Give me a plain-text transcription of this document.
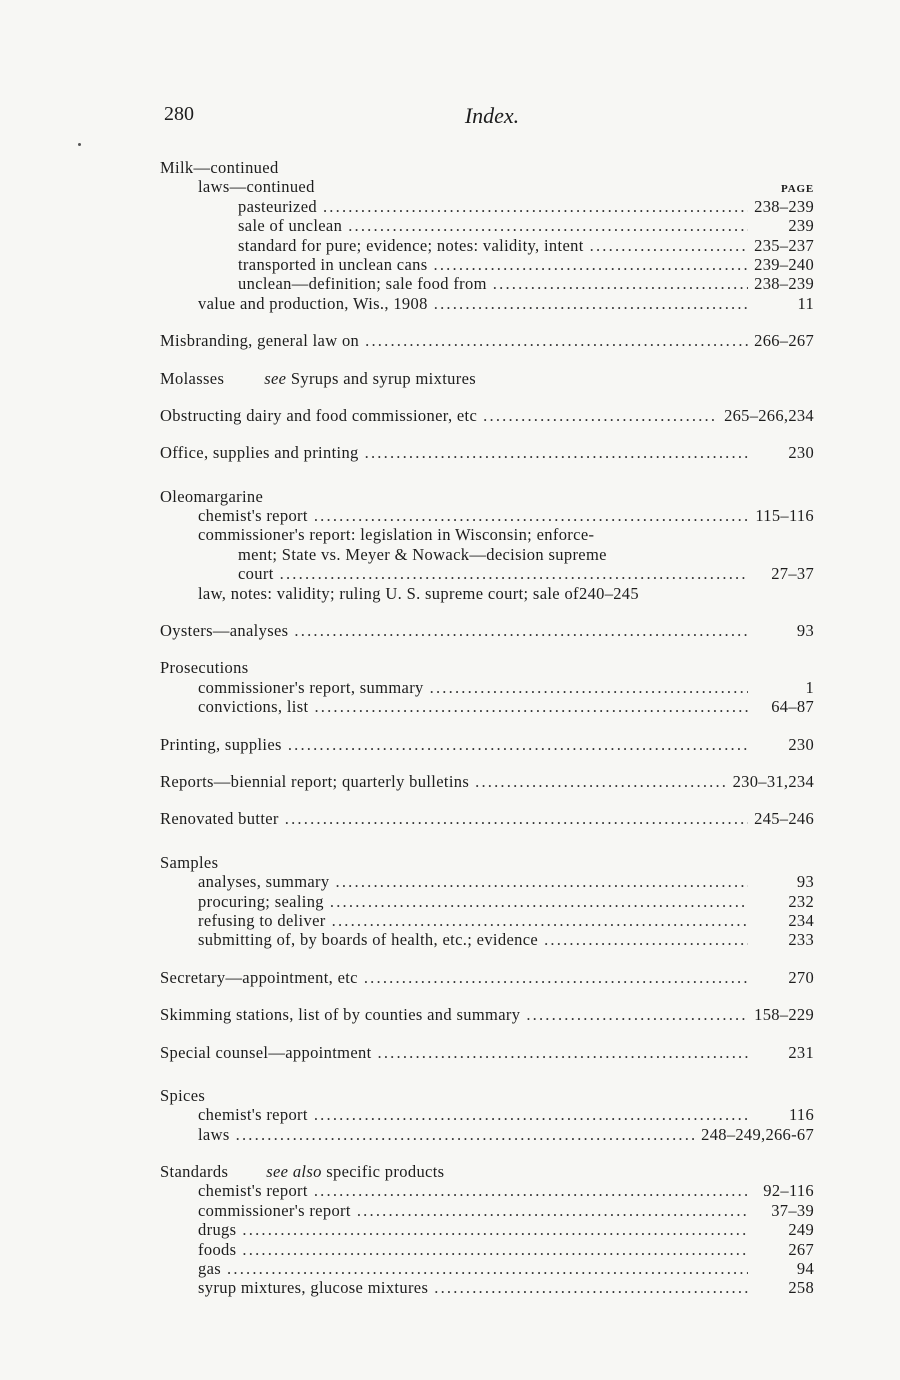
280	Index.
Milk—continued
laws—continued	PAGE
pasteurized .....	238–239
sale of unclean .....	239
standard for pure; evidence; notes: validity, intent .....	235–237
transported in unclean cans .....	239–240
unclean—definition; sale food from .....	238–239
value and production, Wis., 1908 .....	11
Misbranding, general law on .....	266–267
Molasses see Syrups and syrup mixtures
Obstructing dairy and food commissioner, etc .....	265–266,234
Office, supplies and printing .....	230
Oleomargarine
chemist's report .....	115–116
commissioner's report: legislation in Wisconsin; enforce-
ment; State vs. Meyer & Nowack—decision supreme
court .....	27–37
law, notes: validity; ruling U. S. supreme court; sale of 240–245
Oysters—analyses .....	93
Prosecutions
commissioner's report, summary .....	1
convictions, list .....	64–87
Printing, supplies .....	230
Reports—biennial report; quarterly bulletins .....	230–31,234
Renovated butter .....	245–246
Samples
analyses, summary .....	93
procuring; sealing .....	232
refusing to deliver .....	234
submitting of, by boards of health, etc.; evidence .....	233
Secretary—appointment, etc .....	270
Skimming stations, list of by counties and summary .....	158–229
Special counsel—appointment .....	231
Spices
chemist's report .....	116
laws .....	248–249,266-67
Standards see also specific products
chemist's report .....	92–116
commissioner's report .....	37–39
drugs .....	249
foods .....	267
gas .....	94
syrup mixtures, glucose mixtures .....	258
